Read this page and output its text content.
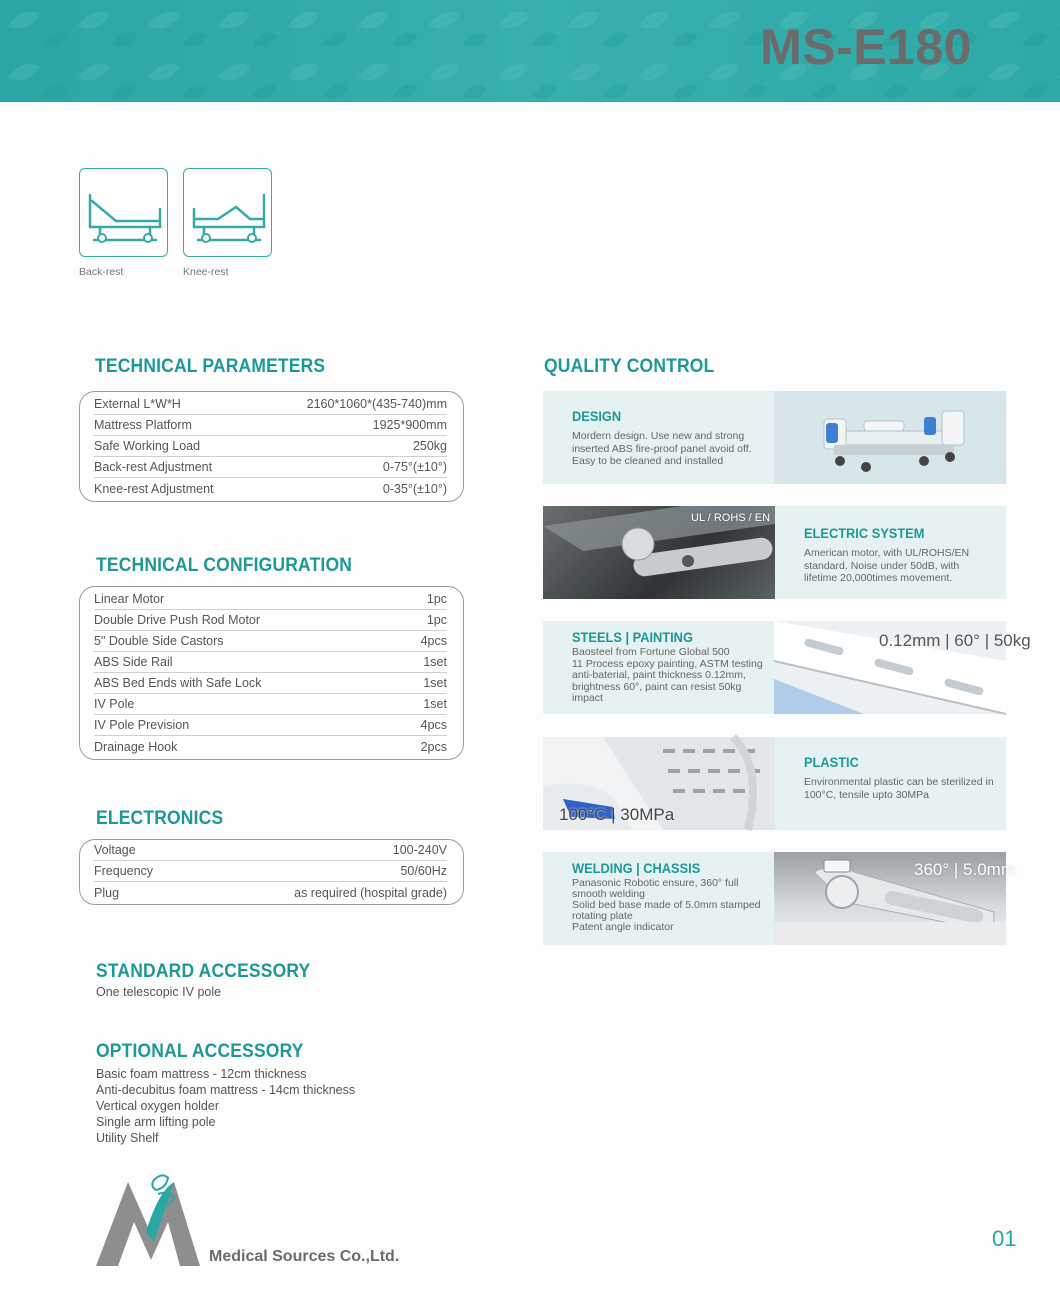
MS-E180
Back-rest	Knee-rest
TECHNICAL PARAMETERS
External L*W*H	2160*1060*(435-740)mm
Mattress Platform	1925*900mm
Safe Working Load	250kg
Back-rest Adjustment	0-75°(±10°)
Knee-rest Adjustment	0-35°(±10°)
TECHNICAL CONFIGURATION
Linear Motor	1pc
Double Drive Push Rod Motor	1pc
5" Double Side Castors	4pcs
ABS Side Rail	1set
ABS Bed Ends with Safe Lock	1set
IV Pole	1set
IV Pole Prevision	4pcs
Drainage Hook	2pcs
ELECTRONICS
Voltage	100-240V
Frequency	50/60Hz
Plug	as required (hospital grade)
STANDARD ACCESSORY
One telescopic IV pole
OPTIONAL ACCESSORY
Basic foam mattress - 12cm thickness
Anti-decubitus foam mattress - 14cm thickness
Vertical oxygen holder
Single arm lifting pole
Utility Shelf
QUALITY CONTROL
DESIGN
Mordern design. Use new and strong
inserted ABS fire-proof panel avoid off.
Easy to be cleaned and installed
UL / ROHS / EN
ELECTRIC SYSTEM
American motor, with UL/ROHS/EN
standard. Noise under 50dB, with
lifetime 20,000times movement.
STEELS | PAINTING
Baosteel from Fortune Global 500
11 Process epoxy painting, ASTM testing
anti-baterial, paint thickness 0.12mm,
brightness 60°, paint can resist 50kg
impact
0.12mm | 60° | 50kg
100°C | 30MPa
PLASTIC
Environmental plastic can be sterilized in
100°C, tensile upto 30MPa
WELDING | CHASSIS
Panasonic Robotic ensure, 360° full
smooth welding
Solid bed base made of 5.0mm stamped
rotating plate
Patent angle indicator
360° | 5.0mm
Medical Sources Co.,Ltd.
01
